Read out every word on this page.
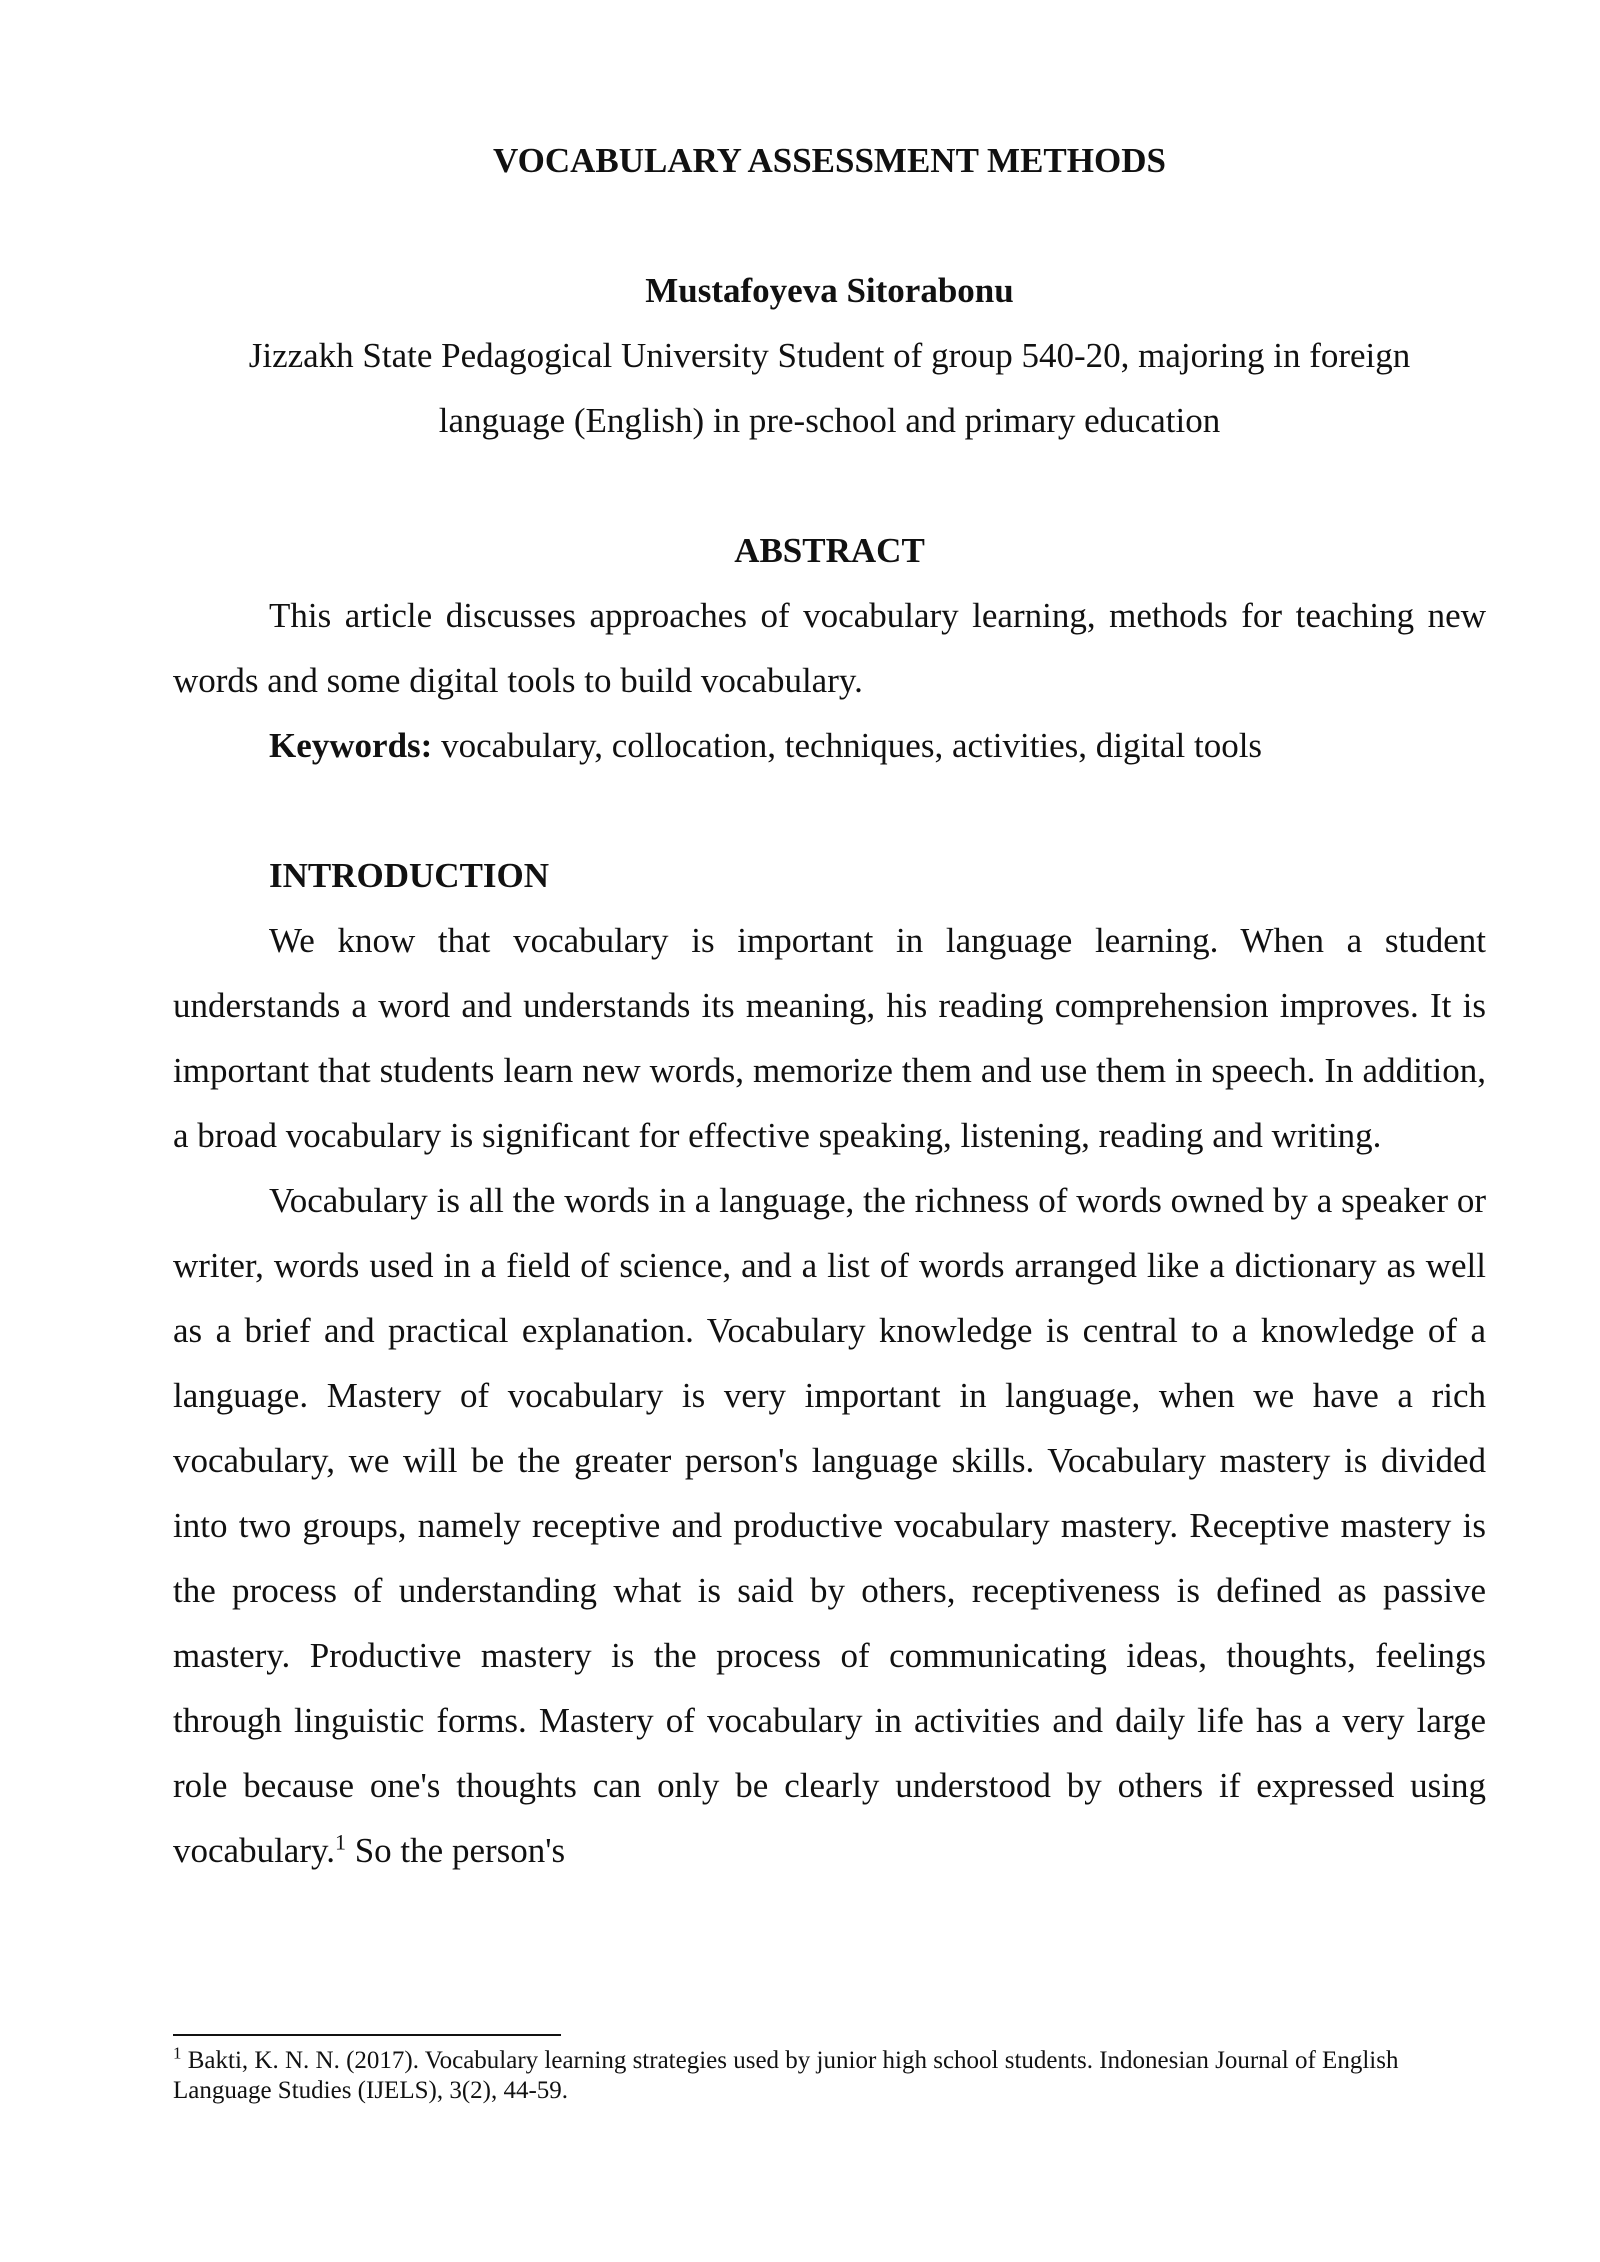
VOCABULARY ASSESSMENT METHODS

Mustafoyeva Sitorabonu

Jizzakh State Pedagogical University Student of group 540-20, majoring in foreign language (English) in pre-school and primary education

ABSTRACT

This article discusses approaches of vocabulary learning, methods for teaching new words and some digital tools to build vocabulary.

Keywords: vocabulary, collocation, techniques, activities, digital tools

INTRODUCTION

We know that vocabulary is important in language learning. When a student understands a word and understands its meaning, his reading comprehension improves. It is important that students learn new words, memorize them and use them in speech. In addition, a broad vocabulary is significant for effective speaking, listening, reading and writing.

Vocabulary is all the words in a language, the richness of words owned by a speaker or writer, words used in a field of science, and a list of words arranged like a dictionary as well as a brief and practical explanation. Vocabulary knowledge is central to a knowledge of a language. Mastery of vocabulary is very important in language, when we have a rich vocabulary, we will be the greater person's language skills. Vocabulary mastery is divided into two groups, namely receptive and productive vocabulary mastery. Receptive mastery is the process of understanding what is said by others, receptiveness is defined as passive mastery. Productive mastery is the process of communicating ideas, thoughts, feelings through linguistic forms. Mastery of vocabulary in activities and daily life has a very large role because one's thoughts can only be clearly understood by others if expressed using vocabulary.$^1$ So the person's

$^1$ Bakti, K. N. N. (2017). Vocabulary learning strategies used by junior high school students. Indonesian Journal of English Language Studies (IJELS), 3(2), 44-59.
